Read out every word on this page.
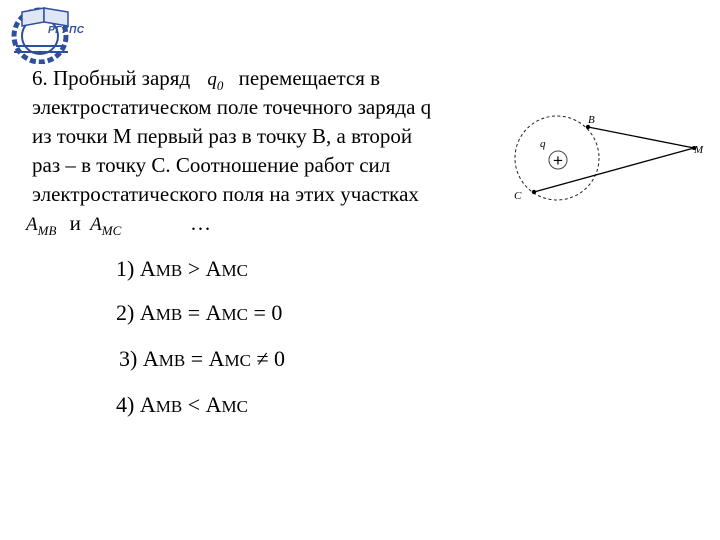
РГУПС
6. Пробный заряд $q_0$ перемещается в
электростатическом поле точечного заряда q
из точки М первый раз в точку В, а второй
раз – в точку С. Соотношение работ сил
электростатического поля на этих участках
$A_{MB}$ и $A_{MC}$	…
+
q
B
M
C
1) АМВ > АМС
2) АМВ = АМС = 0
3) АМВ = АМС ≠ 0
4) АМВ < АМС
